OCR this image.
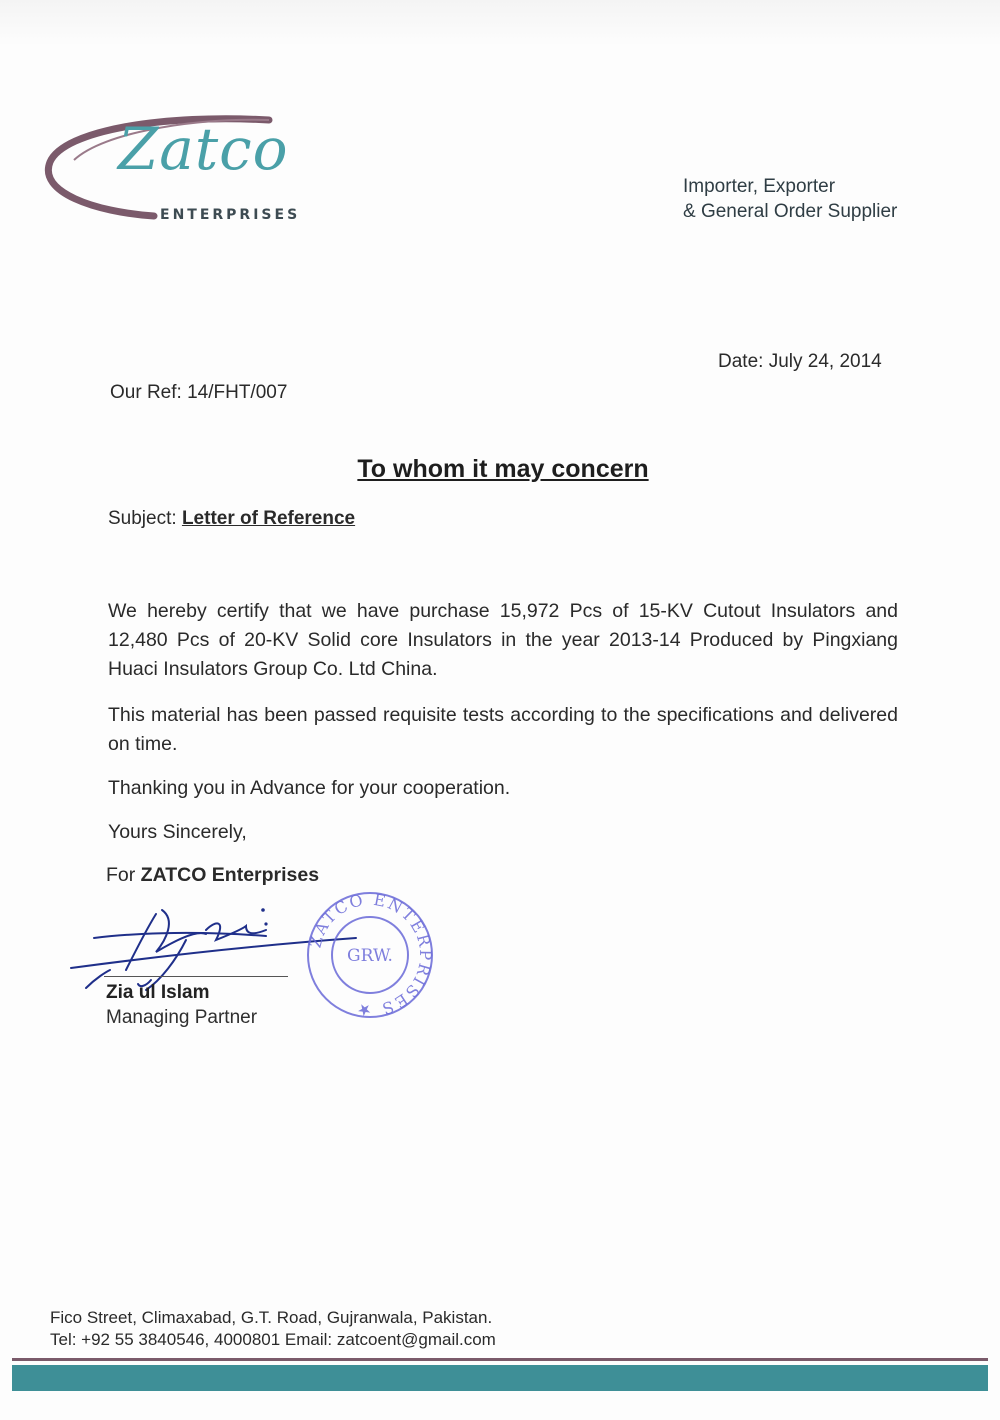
Zatco
ENTERPRISES
Importer, Exporter
& General Order Supplier
Date: July 24, 2014
Our Ref: 14/FHT/007
To whom it may concern
Subject: Letter of Reference
We hereby certify that we have purchase 15,972 Pcs of 15-KV Cutout Insulators and 12,480 Pcs of 20-KV Solid core Insulators in the year 2013-14 Produced by Pingxiang Huaci Insulators Group Co. Ltd China.
This material has been passed requisite tests according to the specifications and delivered on time.
Thanking you in Advance for your cooperation.
Yours Sincerely,
For ZATCO Enterprises
Zia ul Islam
Managing Partner
ZATCO ENTERPRISES ★
GRW.
Fico Street, Climaxabad, G.T. Road, Gujranwala, Pakistan.
Tel: +92 55 3840546, 4000801 Email: zatcoent@gmail.com
